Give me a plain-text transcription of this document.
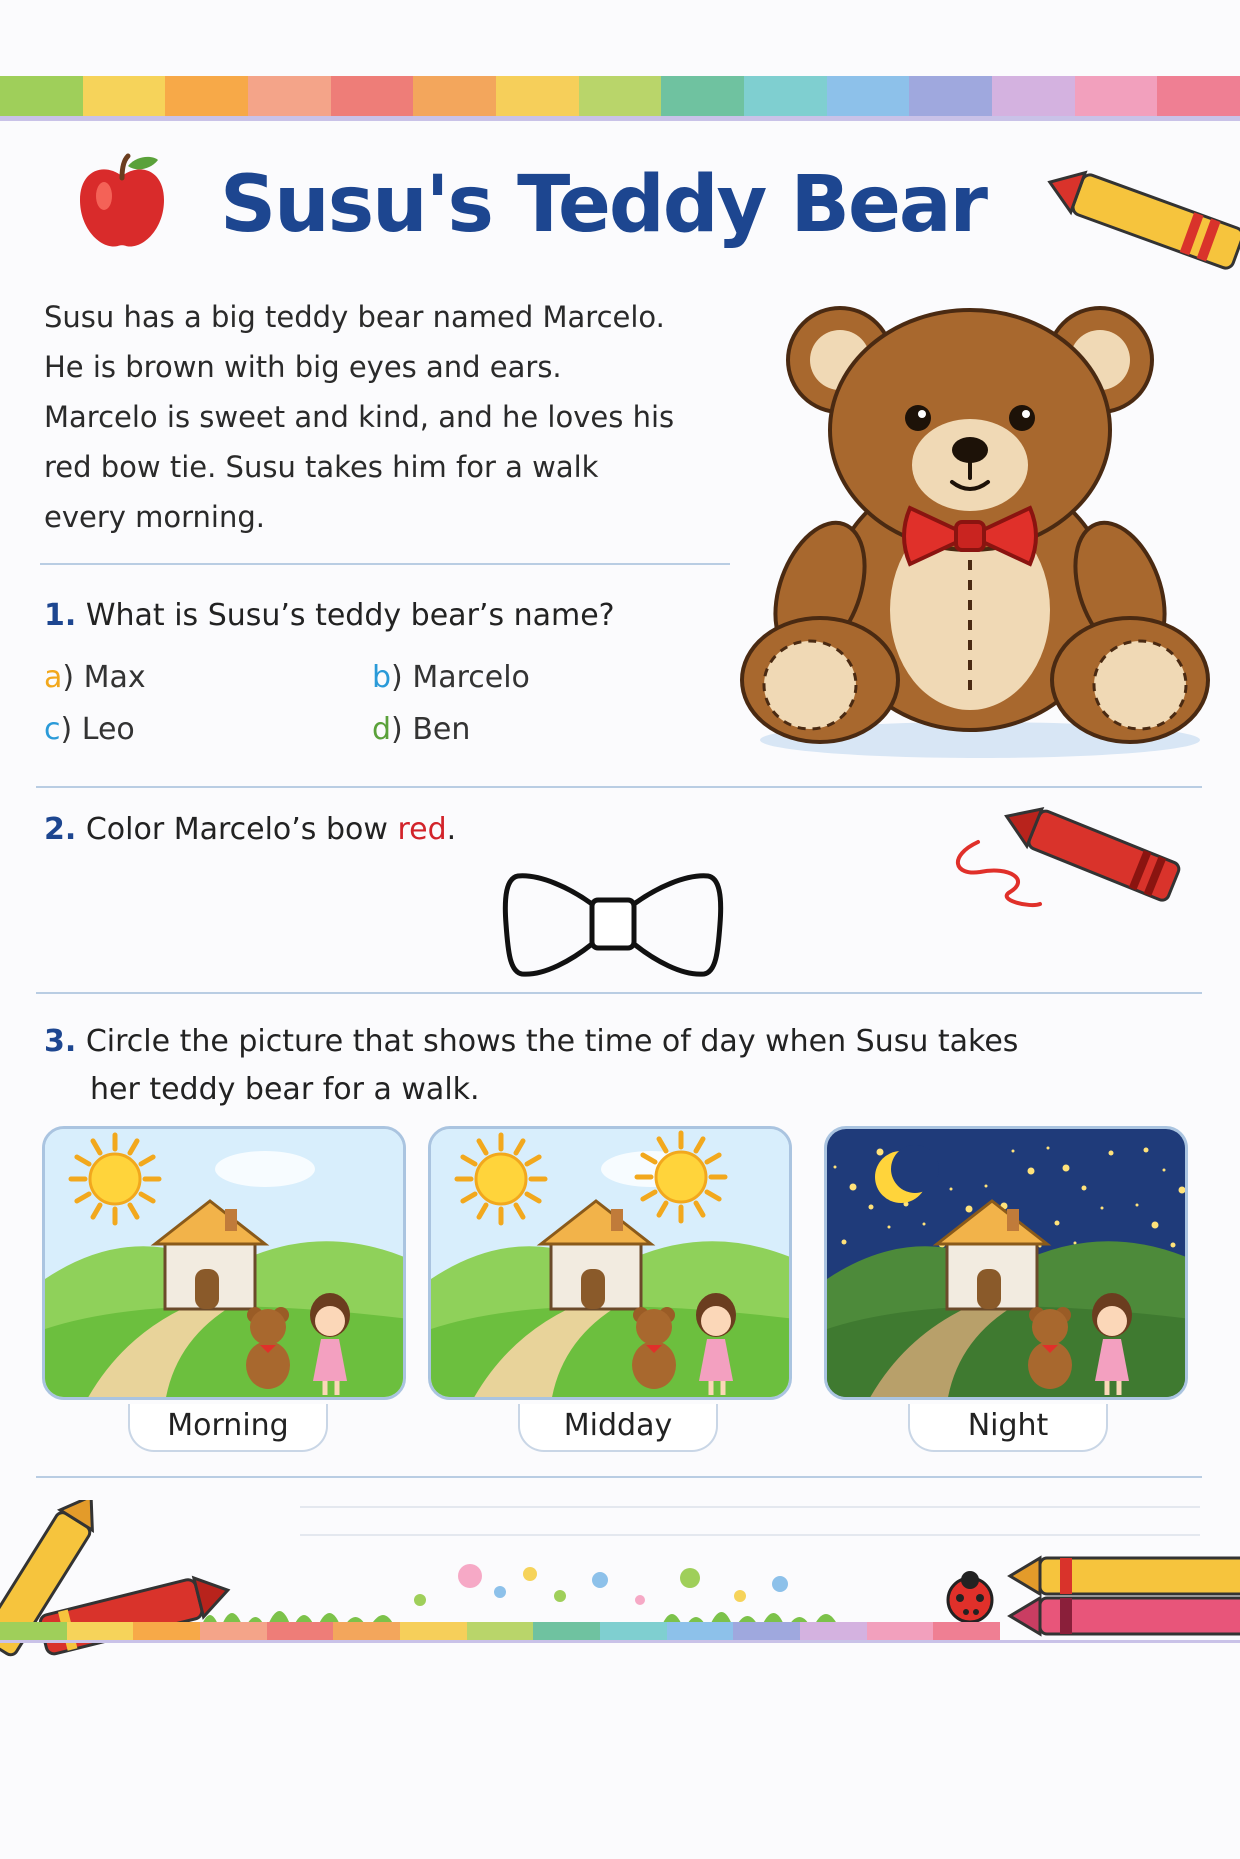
Susu's Teddy Bear
Susu has a big teddy bear named Marcelo.
He is brown with big eyes and ears.
Marcelo is sweet and kind, and he loves his
red bow tie. Susu takes him for a walk
every morning.
1. What is Susu’s teddy bear’s name?
a) Max	b) Marcelo
c) Leo	d) Ben
2. Color Marcelo’s bow red.
3. Circle the picture that shows the time of day when Susu takes
her teddy bear for a walk.
Morning	Midday	Night
